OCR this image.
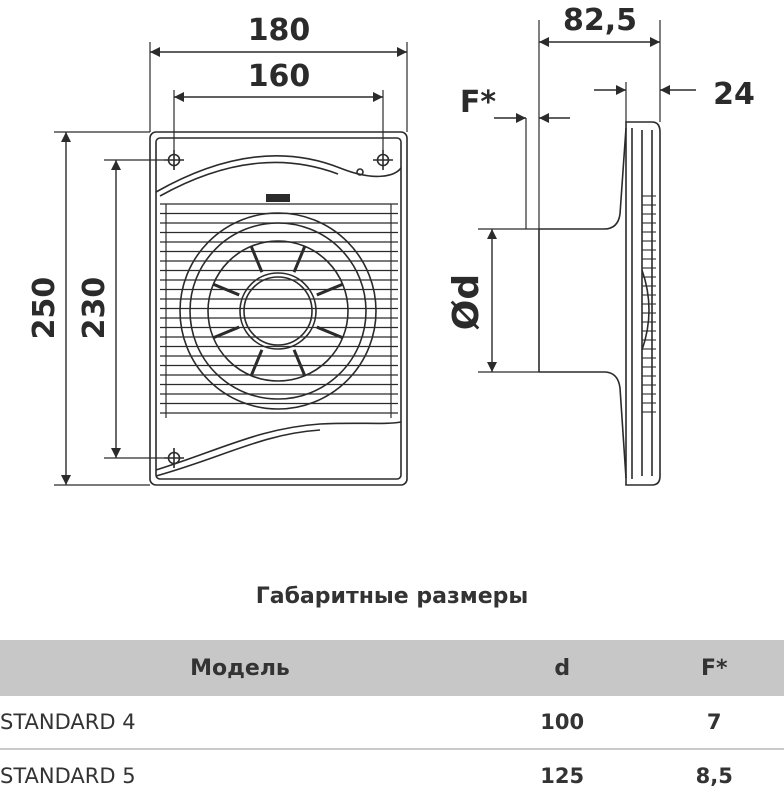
180
160
250 230
82,5
24
F*
Ød
Габаритные размеры
Модель	d	F*
STANDARD 4	100	7
STANDARD 5	125	8,5
